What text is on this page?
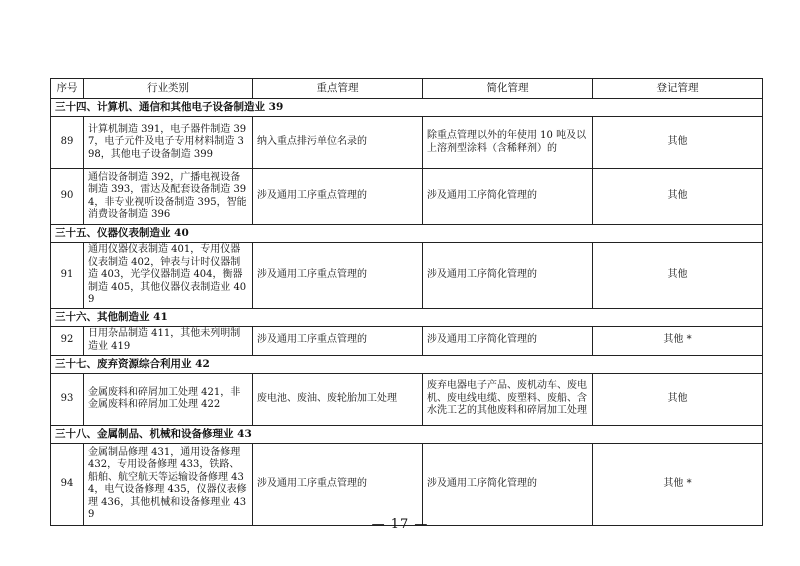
序号	行业类别	重点管理	简化管理	登记管理
三十四、计算机、通信和其他电子设备制造业 39				
89	计算机制造 391，电子器件制造 397，电子元件及电子专用材料制造 398，其他电子设备制造 399	纳入重点排污单位名录的	除重点管理以外的年使用 10 吨及以上溶剂型涂料（含稀释剂）的	其他
90	通信设备制造 392，广播电视设备制造 393，雷达及配套设备制造 394，非专业视听设备制造 395，智能消费设备制造 396	涉及通用工序重点管理的	涉及通用工序简化管理的	其他
三十五、仪器仪表制造业 40				
91	通用仪器仪表制造 401，专用仪器仪表制造 402，钟表与计时仪器制造 403，光学仪器制造 404，衡器制造 405，其他仪器仪表制造业 409	涉及通用工序重点管理的	涉及通用工序简化管理的	其他
三十六、其他制造业 41				
92	日用杂品制造 411，其他未列明制造业 419	涉及通用工序重点管理的	涉及通用工序简化管理的	其他 *
三十七、废弃资源综合利用业 42				
93	金属废料和碎屑加工处理 421，非金属废料和碎屑加工处理 422	废电池、废油、废轮胎加工处理	废弃电器电子产品、废机动车、废电机、废电线电缆、废塑料、废船、含水洗工艺的其他废料和碎屑加工处理	其他
三十八、金属制品、机械和设备修理业 43				
94	金属制品修理 431，通用设备修理 432，专用设备修理 433，铁路、船舶、航空航天等运输设备修理 434，电气设备修理 435，仪器仪表修理 436，其他机械和设备修理业 439	涉及通用工序重点管理的	涉及通用工序简化管理的	其他 *
— 17 —
